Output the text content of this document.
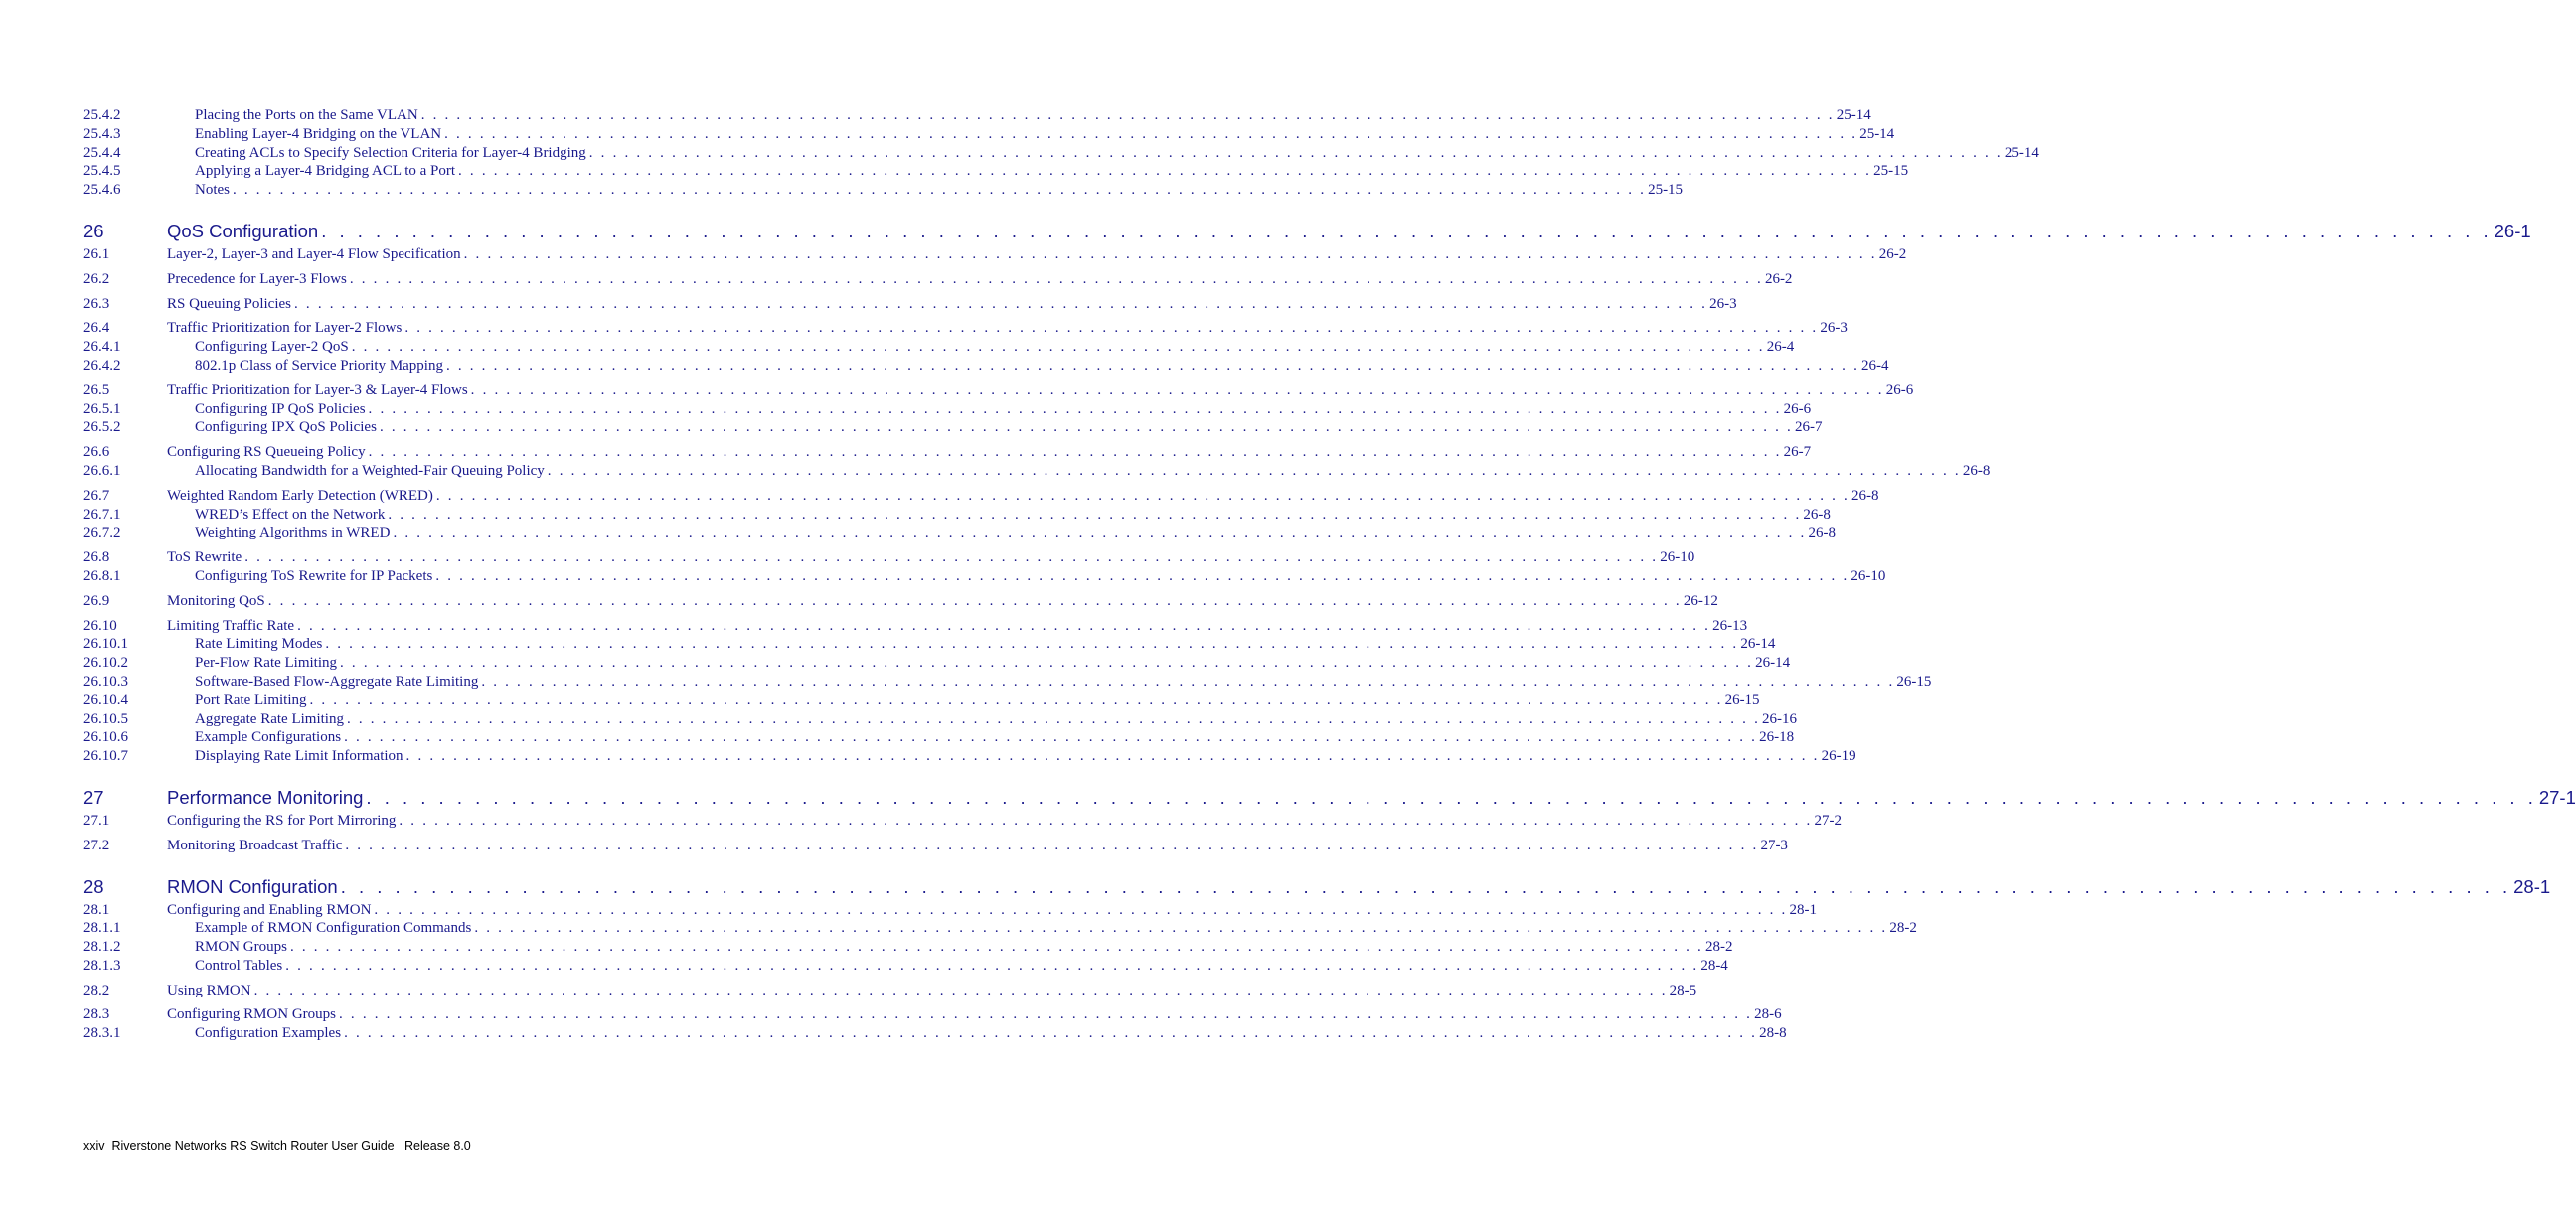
25.4.2	Placing the Ports on the Same VLAN . . . . . . . . . . . . . . . . . . . . . . . . . . . . . . . . . . . . . . . . . . . . . . . . . . . . . . . . . . . . . . . . . . . . . . . . . . . . . . . . . . . . . . . . . . . . . . . . . . . . . . . . . . . . . . . . . . . . . . . . 25-14
25.4.3	Enabling Layer-4 Bridging on the VLAN . . . . . . . . . . . . . . . . . . . . . . . . . . . . . . . . . . . . . . . . . . . . . . . . . . . . . . . . . . . . . . . . . . . . . . . . . . . . . . . . . . . . . . . . . . . . . . . . . . . . . . . . . . . . . . . . . . . . . . . . 25-14
25.4.4	Creating ACLs to Specify Selection Criteria for Layer-4 Bridging . . . . . . . . . . . . . . . . . . . . . . . . . . . . . . . . . . . . . . . . . . . . . . . . . . . . . . . . . . . . . . . . . . . . . . . . . . . . . . . . . . . . . . . . . . . . . . . . . . . . . . . . . . . . . . . . . . . . . . . . 25-14
25.4.5	Applying a Layer-4 Bridging ACL to a Port . . . . . . . . . . . . . . . . . . . . . . . . . . . . . . . . . . . . . . . . . . . . . . . . . . . . . . . . . . . . . . . . . . . . . . . . . . . . . . . . . . . . . . . . . . . . . . . . . . . . . . . . . . . . . . . . . . . . . . . . 25-15
25.4.6	Notes . . . . . . . . . . . . . . . . . . . . . . . . . . . . . . . . . . . . . . . . . . . . . . . . . . . . . . . . . . . . . . . . . . . . . . . . . . . . . . . . . . . . . . . . . . . . . . . . . . . . . . . . . . . . . . . . . . . . . . . . 25-15
26	QoS Configuration . . . . . . . . . . . . . . . . . . . . . . . . . . . . . . . . . . . . . . . . . . . . . . . . . . . . . . . . . . . . . . . . . . . . . . . . . . . . . . . . . . . . . . . . . . . . . . . . . . . . . . . . . . . . . . . . . . . . . . . . 26-1
26.1	Layer-2, Layer-3 and Layer-4 Flow Specification . . . . . . . . . . . . . . . . . . . . . . . . . . . . . . . . . . . . . . . . . . . . . . . . . . . . . . . . . . . . . . . . . . . . . . . . . . . . . . . . . . . . . . . . . . . . . . . . . . . . . . . . . . . . . . . . . . . . . . . . 26-2
26.2	Precedence for Layer-3 Flows . . . . . . . . . . . . . . . . . . . . . . . . . . . . . . . . . . . . . . . . . . . . . . . . . . . . . . . . . . . . . . . . . . . . . . . . . . . . . . . . . . . . . . . . . . . . . . . . . . . . . . . . . . . . . . . . . . . . . . . . 26-2
26.3	RS Queuing Policies . . . . . . . . . . . . . . . . . . . . . . . . . . . . . . . . . . . . . . . . . . . . . . . . . . . . . . . . . . . . . . . . . . . . . . . . . . . . . . . . . . . . . . . . . . . . . . . . . . . . . . . . . . . . . . . . . . . . . . . . 26-3
26.4	Traffic Prioritization for Layer-2 Flows . . . . . . . . . . . . . . . . . . . . . . . . . . . . . . . . . . . . . . . . . . . . . . . . . . . . . . . . . . . . . . . . . . . . . . . . . . . . . . . . . . . . . . . . . . . . . . . . . . . . . . . . . . . . . . . . . . . . . . . . 26-3
26.4.1	Configuring Layer-2 QoS . . . . . . . . . . . . . . . . . . . . . . . . . . . . . . . . . . . . . . . . . . . . . . . . . . . . . . . . . . . . . . . . . . . . . . . . . . . . . . . . . . . . . . . . . . . . . . . . . . . . . . . . . . . . . . . . . . . . . . . . 26-4
26.4.2	802.1p Class of Service Priority Mapping . . . . . . . . . . . . . . . . . . . . . . . . . . . . . . . . . . . . . . . . . . . . . . . . . . . . . . . . . . . . . . . . . . . . . . . . . . . . . . . . . . . . . . . . . . . . . . . . . . . . . . . . . . . . . . . . . . . . . . . . 26-4
26.5	Traffic Prioritization for Layer-3 & Layer-4 Flows . . . . . . . . . . . . . . . . . . . . . . . . . . . . . . . . . . . . . . . . . . . . . . . . . . . . . . . . . . . . . . . . . . . . . . . . . . . . . . . . . . . . . . . . . . . . . . . . . . . . . . . . . . . . . . . . . . . . . . . . 26-6
26.5.1	Configuring IP QoS Policies . . . . . . . . . . . . . . . . . . . . . . . . . . . . . . . . . . . . . . . . . . . . . . . . . . . . . . . . . . . . . . . . . . . . . . . . . . . . . . . . . . . . . . . . . . . . . . . . . . . . . . . . . . . . . . . . . . . . . . . . 26-6
26.5.2	Configuring IPX QoS Policies . . . . . . . . . . . . . . . . . . . . . . . . . . . . . . . . . . . . . . . . . . . . . . . . . . . . . . . . . . . . . . . . . . . . . . . . . . . . . . . . . . . . . . . . . . . . . . . . . . . . . . . . . . . . . . . . . . . . . . . . 26-7
26.6	Configuring RS Queueing Policy . . . . . . . . . . . . . . . . . . . . . . . . . . . . . . . . . . . . . . . . . . . . . . . . . . . . . . . . . . . . . . . . . . . . . . . . . . . . . . . . . . . . . . . . . . . . . . . . . . . . . . . . . . . . . . . . . . . . . . . . 26-7
26.6.1	Allocating Bandwidth for a Weighted-Fair Queuing Policy . . . . . . . . . . . . . . . . . . . . . . . . . . . . . . . . . . . . . . . . . . . . . . . . . . . . . . . . . . . . . . . . . . . . . . . . . . . . . . . . . . . . . . . . . . . . . . . . . . . . . . . . . . . . . . . . . . . . . . . . 26-8
26.7	Weighted Random Early Detection (WRED) . . . . . . . . . . . . . . . . . . . . . . . . . . . . . . . . . . . . . . . . . . . . . . . . . . . . . . . . . . . . . . . . . . . . . . . . . . . . . . . . . . . . . . . . . . . . . . . . . . . . . . . . . . . . . . . . . . . . . . . . 26-8
26.7.1	WRED’s Effect on the Network . . . . . . . . . . . . . . . . . . . . . . . . . . . . . . . . . . . . . . . . . . . . . . . . . . . . . . . . . . . . . . . . . . . . . . . . . . . . . . . . . . . . . . . . . . . . . . . . . . . . . . . . . . . . . . . . . . . . . . . . 26-8
26.7.2	Weighting Algorithms in WRED . . . . . . . . . . . . . . . . . . . . . . . . . . . . . . . . . . . . . . . . . . . . . . . . . . . . . . . . . . . . . . . . . . . . . . . . . . . . . . . . . . . . . . . . . . . . . . . . . . . . . . . . . . . . . . . . . . . . . . . . 26-8
26.8	ToS Rewrite . . . . . . . . . . . . . . . . . . . . . . . . . . . . . . . . . . . . . . . . . . . . . . . . . . . . . . . . . . . . . . . . . . . . . . . . . . . . . . . . . . . . . . . . . . . . . . . . . . . . . . . . . . . . . . . . . . . . . . . . 26-10
26.8.1	Configuring ToS Rewrite for IP Packets . . . . . . . . . . . . . . . . . . . . . . . . . . . . . . . . . . . . . . . . . . . . . . . . . . . . . . . . . . . . . . . . . . . . . . . . . . . . . . . . . . . . . . . . . . . . . . . . . . . . . . . . . . . . . . . . . . . . . . . . 26-10
26.9	Monitoring QoS . . . . . . . . . . . . . . . . . . . . . . . . . . . . . . . . . . . . . . . . . . . . . . . . . . . . . . . . . . . . . . . . . . . . . . . . . . . . . . . . . . . . . . . . . . . . . . . . . . . . . . . . . . . . . . . . . . . . . . . . 26-12
26.10	Limiting Traffic Rate . . . . . . . . . . . . . . . . . . . . . . . . . . . . . . . . . . . . . . . . . . . . . . . . . . . . . . . . . . . . . . . . . . . . . . . . . . . . . . . . . . . . . . . . . . . . . . . . . . . . . . . . . . . . . . . . . . . . . . . . 26-13
26.10.1	Rate Limiting Modes . . . . . . . . . . . . . . . . . . . . . . . . . . . . . . . . . . . . . . . . . . . . . . . . . . . . . . . . . . . . . . . . . . . . . . . . . . . . . . . . . . . . . . . . . . . . . . . . . . . . . . . . . . . . . . . . . . . . . . . . 26-14
26.10.2	Per-Flow Rate Limiting . . . . . . . . . . . . . . . . . . . . . . . . . . . . . . . . . . . . . . . . . . . . . . . . . . . . . . . . . . . . . . . . . . . . . . . . . . . . . . . . . . . . . . . . . . . . . . . . . . . . . . . . . . . . . . . . . . . . . . . . 26-14
26.10.3	Software-Based Flow-Aggregate Rate Limiting . . . . . . . . . . . . . . . . . . . . . . . . . . . . . . . . . . . . . . . . . . . . . . . . . . . . . . . . . . . . . . . . . . . . . . . . . . . . . . . . . . . . . . . . . . . . . . . . . . . . . . . . . . . . . . . . . . . . . . . . 26-15
26.10.4	Port Rate Limiting . . . . . . . . . . . . . . . . . . . . . . . . . . . . . . . . . . . . . . . . . . . . . . . . . . . . . . . . . . . . . . . . . . . . . . . . . . . . . . . . . . . . . . . . . . . . . . . . . . . . . . . . . . . . . . . . . . . . . . . . 26-15
26.10.5	Aggregate Rate Limiting . . . . . . . . . . . . . . . . . . . . . . . . . . . . . . . . . . . . . . . . . . . . . . . . . . . . . . . . . . . . . . . . . . . . . . . . . . . . . . . . . . . . . . . . . . . . . . . . . . . . . . . . . . . . . . . . . . . . . . . . 26-16
26.10.6	Example Configurations . . . . . . . . . . . . . . . . . . . . . . . . . . . . . . . . . . . . . . . . . . . . . . . . . . . . . . . . . . . . . . . . . . . . . . . . . . . . . . . . . . . . . . . . . . . . . . . . . . . . . . . . . . . . . . . . . . . . . . . . 26-18
26.10.7	Displaying Rate Limit Information . . . . . . . . . . . . . . . . . . . . . . . . . . . . . . . . . . . . . . . . . . . . . . . . . . . . . . . . . . . . . . . . . . . . . . . . . . . . . . . . . . . . . . . . . . . . . . . . . . . . . . . . . . . . . . . . . . . . . . . . 26-19
27	Performance Monitoring . . . . . . . . . . . . . . . . . . . . . . . . . . . . . . . . . . . . . . . . . . . . . . . . . . . . . . . . . . . . . . . . . . . . . . . . . . . . . . . . . . . . . . . . . . . . . . . . . . . . . . . . . . . . . . . . . . . . . . . . 27-1
27.1	Configuring the RS for Port Mirroring . . . . . . . . . . . . . . . . . . . . . . . . . . . . . . . . . . . . . . . . . . . . . . . . . . . . . . . . . . . . . . . . . . . . . . . . . . . . . . . . . . . . . . . . . . . . . . . . . . . . . . . . . . . . . . . . . . . . . . . . 27-2
27.2	Monitoring Broadcast Traffic . . . . . . . . . . . . . . . . . . . . . . . . . . . . . . . . . . . . . . . . . . . . . . . . . . . . . . . . . . . . . . . . . . . . . . . . . . . . . . . . . . . . . . . . . . . . . . . . . . . . . . . . . . . . . . . . . . . . . . . . 27-3
28	RMON Configuration . . . . . . . . . . . . . . . . . . . . . . . . . . . . . . . . . . . . . . . . . . . . . . . . . . . . . . . . . . . . . . . . . . . . . . . . . . . . . . . . . . . . . . . . . . . . . . . . . . . . . . . . . . . . . . . . . . . . . . . . 28-1
28.1	Configuring and Enabling RMON . . . . . . . . . . . . . . . . . . . . . . . . . . . . . . . . . . . . . . . . . . . . . . . . . . . . . . . . . . . . . . . . . . . . . . . . . . . . . . . . . . . . . . . . . . . . . . . . . . . . . . . . . . . . . . . . . . . . . . . . 28-1
28.1.1	Example of RMON Configuration Commands . . . . . . . . . . . . . . . . . . . . . . . . . . . . . . . . . . . . . . . . . . . . . . . . . . . . . . . . . . . . . . . . . . . . . . . . . . . . . . . . . . . . . . . . . . . . . . . . . . . . . . . . . . . . . . . . . . . . . . . . 28-2
28.1.2	RMON Groups . . . . . . . . . . . . . . . . . . . . . . . . . . . . . . . . . . . . . . . . . . . . . . . . . . . . . . . . . . . . . . . . . . . . . . . . . . . . . . . . . . . . . . . . . . . . . . . . . . . . . . . . . . . . . . . . . . . . . . . . 28-2
28.1.3	Control Tables . . . . . . . . . . . . . . . . . . . . . . . . . . . . . . . . . . . . . . . . . . . . . . . . . . . . . . . . . . . . . . . . . . . . . . . . . . . . . . . . . . . . . . . . . . . . . . . . . . . . . . . . . . . . . . . . . . . . . . . . 28-4
28.2	Using RMON . . . . . . . . . . . . . . . . . . . . . . . . . . . . . . . . . . . . . . . . . . . . . . . . . . . . . . . . . . . . . . . . . . . . . . . . . . . . . . . . . . . . . . . . . . . . . . . . . . . . . . . . . . . . . . . . . . . . . . . . 28-5
28.3	Configuring RMON Groups . . . . . . . . . . . . . . . . . . . . . . . . . . . . . . . . . . . . . . . . . . . . . . . . . . . . . . . . . . . . . . . . . . . . . . . . . . . . . . . . . . . . . . . . . . . . . . . . . . . . . . . . . . . . . . . . . . . . . . . . 28-6
28.3.1	Configuration Examples . . . . . . . . . . . . . . . . . . . . . . . . . . . . . . . . . . . . . . . . . . . . . . . . . . . . . . . . . . . . . . . . . . . . . . . . . . . . . . . . . . . . . . . . . . . . . . . . . . . . . . . . . . . . . . . . . . . . . . . . 28-8
xxiv Riverstone Networks RS Switch Router User Guide Release 8.0
